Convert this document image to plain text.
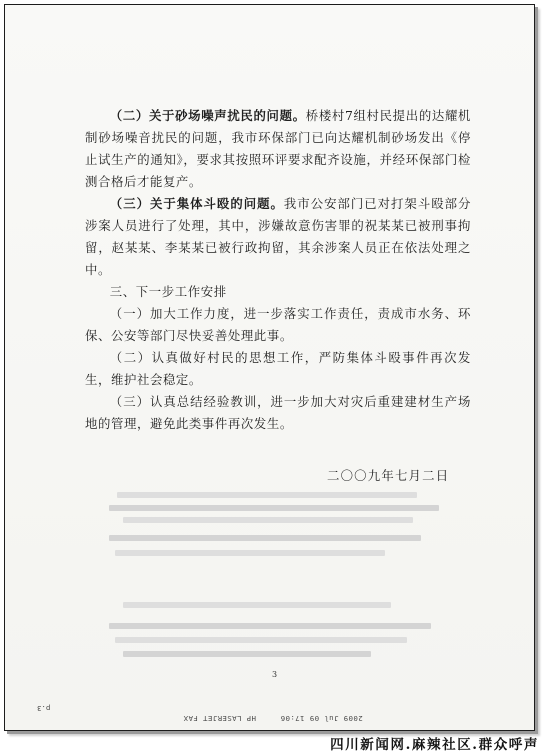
（二）关于砂场噪声扰民的问题。桥楼村7组村民提出的达耀机制砂场噪音扰民的问题，我市环保部门已向达耀机制砂场发出《停止试生产的通知》，要求其按照环评要求配齐设施，并经环保部门检测合格后才能复产。

（三）关于集体斗殴的问题。我市公安部门已对打架斗殴部分涉案人员进行了处理，其中，涉嫌故意伤害罪的祝某某已被刑事拘留，赵某某、李某某已被行政拘留，其余涉案人员正在依法处理之中。

三、下一步工作安排

（一）加大工作力度，进一步落实工作责任，责成市水务、环保、公安等部门尽快妥善处理此事。

（二）认真做好村民的思想工作，严防集体斗殴事件再次发生，维护社会稳定。

（三）认真总结经验教训，进一步加大对灾后重建建材生产场地的管理，避免此类事件再次发生。

二〇〇九年七月二日
3
p.3
2009 Jul 09 17:06     HP LASERJET FAX
四川新闻网.麻辣社区.群众呼声
